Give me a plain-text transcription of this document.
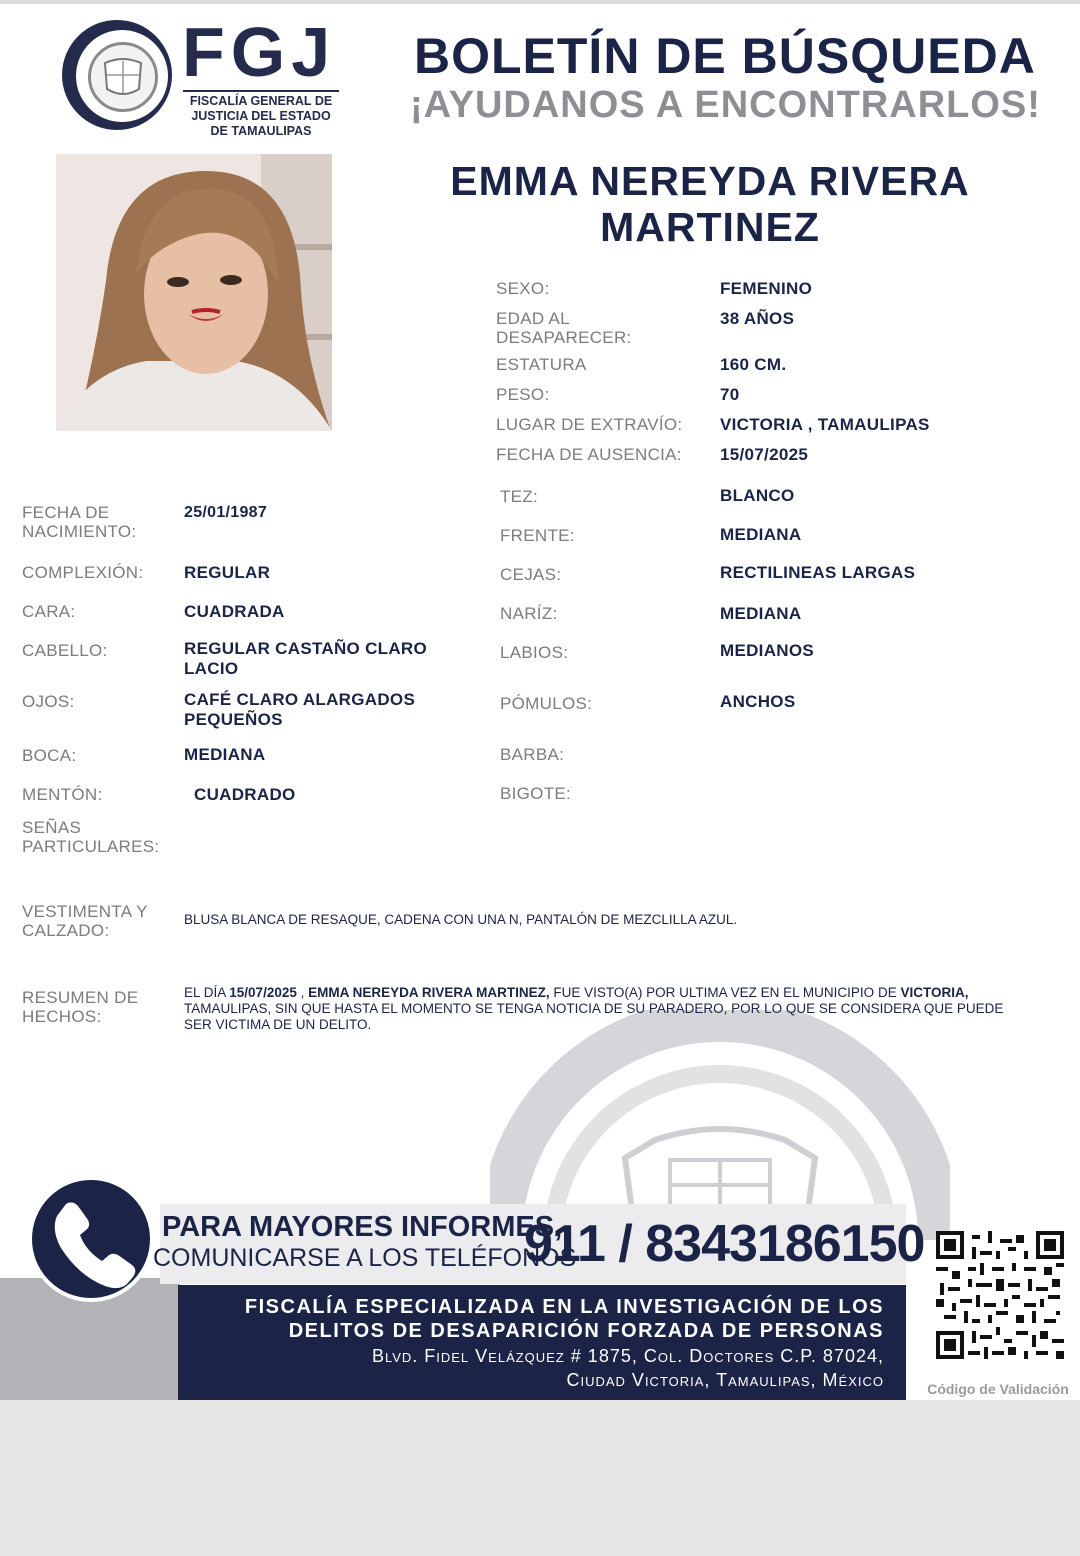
FGJ
FISCALÍA GENERAL DE JUSTICIA DEL ESTADO DE TAMAULIPAS
BOLETÍN DE BÚSQUEDA
¡AYUDANOS A ENCONTRARLOS!
EMMA NEREYDA RIVERA MARTINEZ
SEXO:	FEMENINO
EDAD AL DESAPARECER:
38 AÑOS
ESTATURA	160 CM.
PESO:	70
LUGAR DE EXTRAVÍO: VICTORIA , TAMAULIPAS
FECHA DE AUSENCIA: 15/07/2025
FECHA DE NACIMIENTO:
25/01/1987
COMPLEXIÓN: REGULAR
CARA:	CUADRADA
CABELLO:	REGULAR CASTAÑO CLARO LACIO
OJOS:	CAFÉ CLARO ALARGADOS PEQUEÑOS
BOCA:	MEDIANA
MENTÓN:	CUADRADO
SEÑAS PARTICULARES:
TEZ:	BLANCO
FRENTE:	MEDIANA
CEJAS:	RECTILINEAS LARGAS
NARÍZ:	MEDIANA
LABIOS:	MEDIANOS
PÓMULOS:	ANCHOS
BARBA:
BIGOTE:
VESTIMENTA Y CALZADO:
BLUSA BLANCA DE RESAQUE, CADENA CON UNA N, PANTALÓN DE MEZCLILLA AZUL.
RESUMEN DE HECHOS:
EL DÍA 15/07/2025 , EMMA NEREYDA RIVERA MARTINEZ, FUE VISTO(A) POR ULTIMA VEZ EN EL MUNICIPIO DE VICTORIA, TAMAULIPAS, SIN QUE HASTA EL MOMENTO SE TENGA NOTICIA DE SU PARADERO, POR LO QUE SE CONSIDERA QUE PUEDE SER VICTIMA DE UN DELITO.
PARA MAYORES INFORMES,
COMUNICARSE A LOS TELÉFONOS
911 / 8343186150
FISCALÍA ESPECIALIZADA EN LA INVESTIGACIÓN DE LOS
DELITOS DE DESAPARICIÓN FORZADA DE PERSONAS
Blvd. Fidel Velázquez # 1875, Col. Doctores C.P. 87024,
Ciudad Victoria, Tamaulipas, México	Código de Validación
